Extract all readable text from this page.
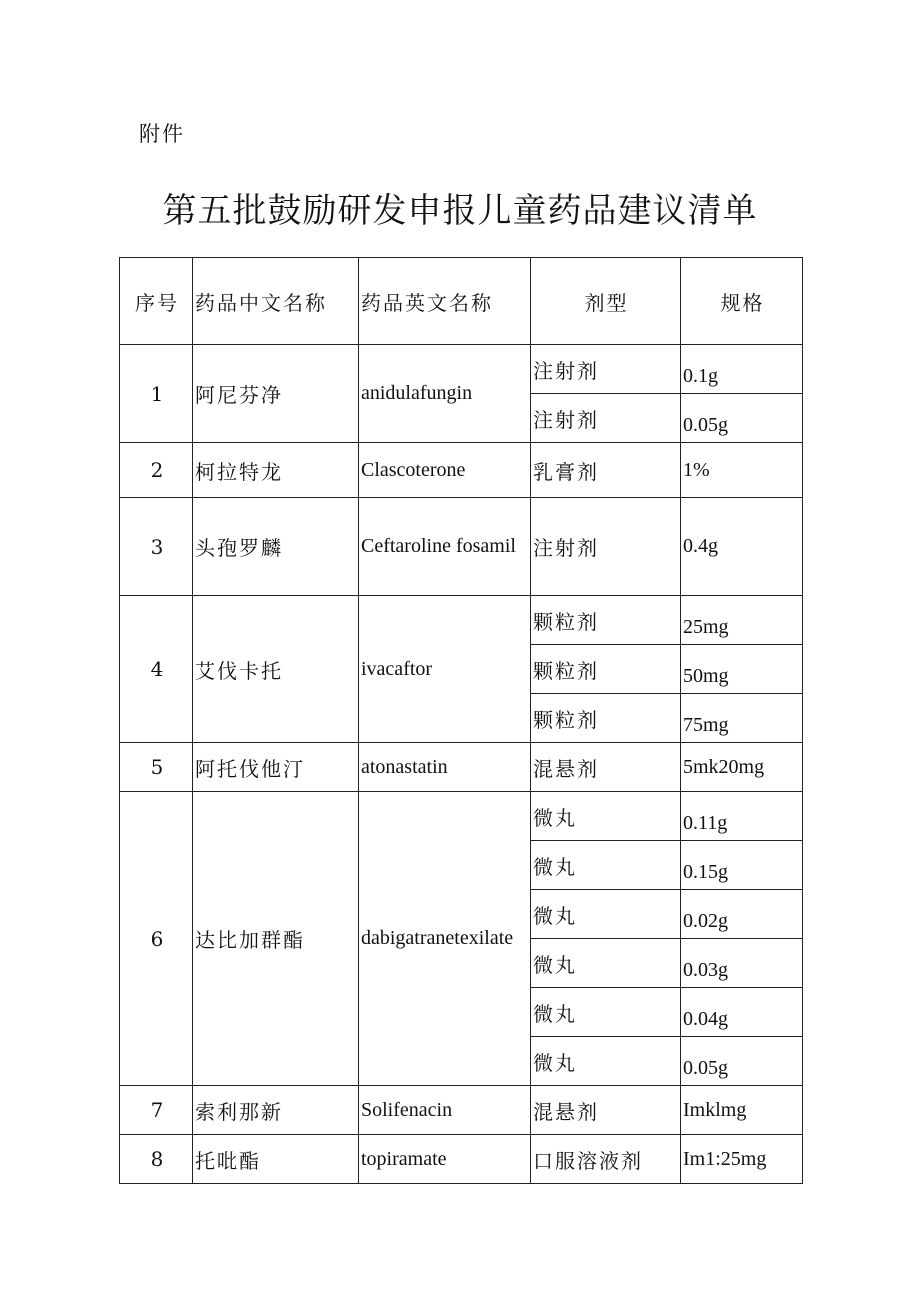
附件
第五批鼓励研发申报儿童药品建议清单
序号	药品中文名称	药品英文名称	剂型	规格
1	阿尼芬净	anidulafungin	注射剂	0.1g
			注射剂	0.05g
2	柯拉特龙	Clascoterone	乳膏剂	1%
3	头孢罗麟	Ceftaroline fosamil	注射剂	0.4g
4	艾伐卡托	ivacaftor	颗粒剂	25mg
			颗粒剂	50mg
			颗粒剂	75mg
5	阿托伐他汀	atonastatin	混悬剂	5mk20mg
6	达比加群酯	dabigatranetexilate	微丸	0.11g
			微丸	0.15g
			微丸	0.02g
			微丸	0.03g
			微丸	0.04g
			微丸	0.05g
7	索利那新	Solifenacin	混悬剂	Imklmg
8	托吡酯	topiramate	口服溶液剂	Im1:25mg
